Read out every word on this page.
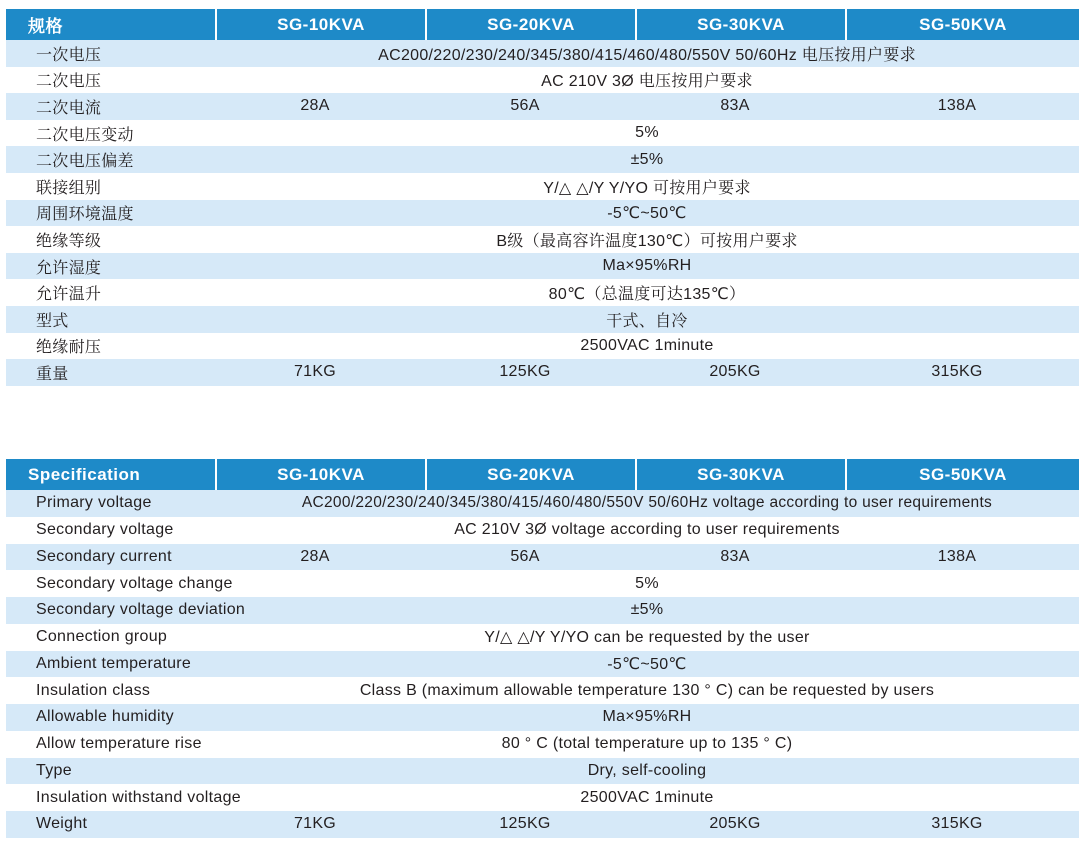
规格	SG-10KVA	SG-20KVA	SG-30KVA	SG-50KVA
一次电压	AC200/220/230/240/345/380/415/460/480/550V 50/60Hz 电压按用户要求
二次电压	AC 210V 3Ø 电压按用户要求
二次电流	28A	56A	83A	138A
二次电压变动	5%
二次电压偏差	±5%
联接组别	Y/△ △/Y Y/YO 可按用户要求
周围环境温度	-5℃~50℃
绝缘等级	B级（最高容许温度130℃）可按用户要求
允许湿度	Ma×95%RH
允许温升	80℃（总温度可达135℃）
型式	干式、自冷
绝缘耐压	2500VAC 1minute
重量	71KG	125KG	205KG	315KG
Specification	SG-10KVA	SG-20KVA	SG-30KVA	SG-50KVA
Primary voltage	AC200/220/230/240/345/380/415/460/480/550V 50/60Hz voltage according to user requirements
Secondary voltage	AC 210V 3Ø voltage according to user requirements
Secondary current	28A	56A	83A	138A
Secondary voltage change	5%
Secondary voltage deviation	±5%
Connection group	Y/△ △/Y Y/YO can be requested by the user
Ambient temperature	-5℃~50℃
Insulation class	Class B (maximum allowable temperature 130 ° C) can be requested by users
Allowable humidity	Ma×95%RH
Allow temperature rise	80 ° C (total temperature up to 135 ° C)
Type	Dry, self-cooling
Insulation withstand voltage	2500VAC 1minute
Weight	71KG	125KG	205KG	315KG
